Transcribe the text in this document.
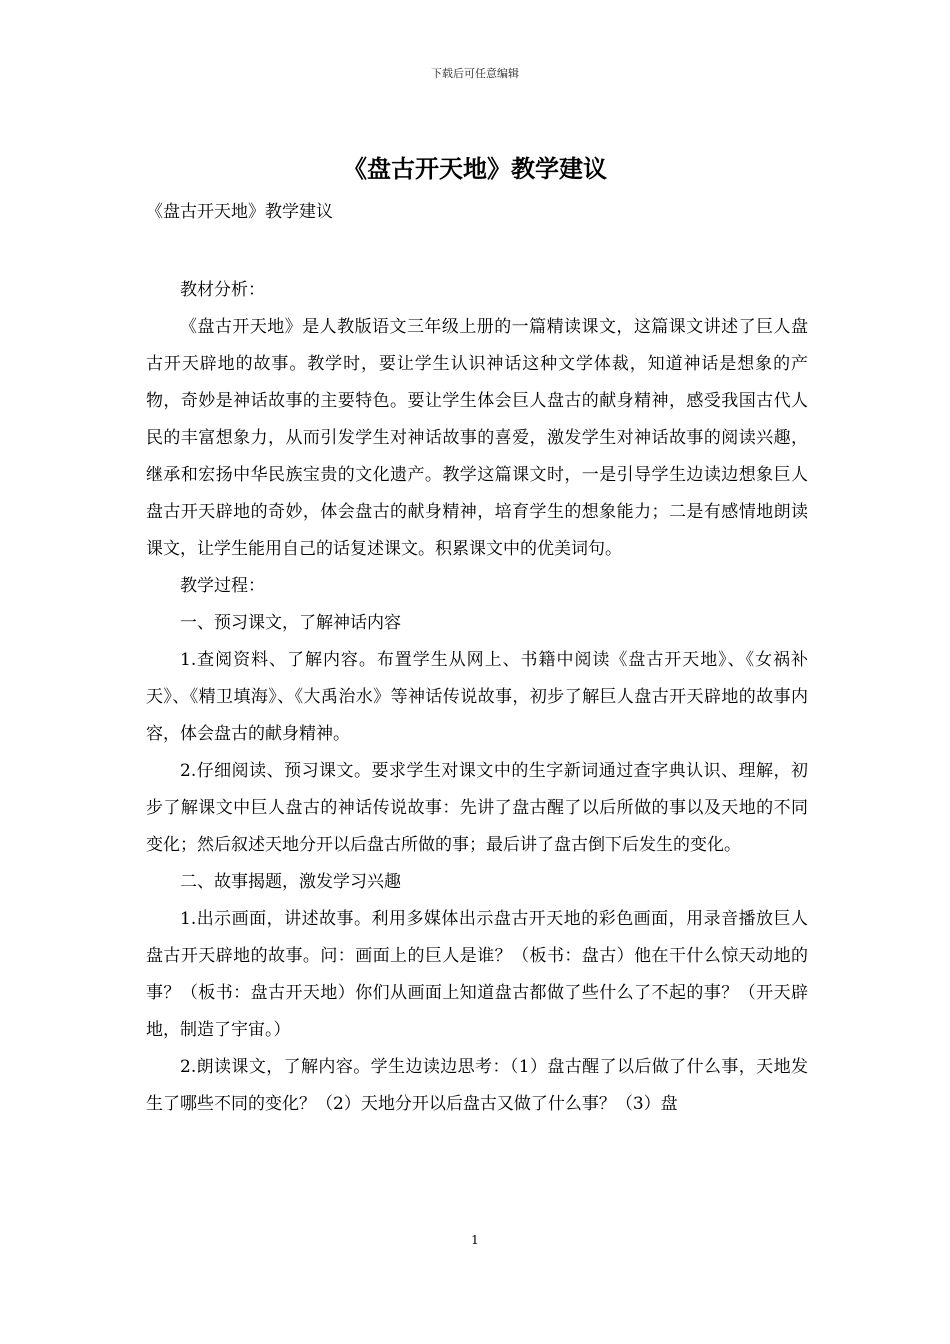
下载后可任意编辑
《盘古开天地》教学建议
《盘古开天地》教学建议

教材分析：

《盘古开天地》是人教版语文三年级上册的一篇精读课文，这篇课文讲述了巨人盘古开天辟地的故事。教学时，要让学生认识神话这种文学体裁，知道神话是想象的产物，奇妙是神话故事的主要特色。要让学生体会巨人盘古的献身精神，感受我国古代人民的丰富想象力，从而引发学生对神话故事的喜爱，激发学生对神话故事的阅读兴趣，继承和宏扬中华民族宝贵的文化遗产。教学这篇课文时，一是引导学生边读边想象巨人盘古开天辟地的奇妙，体会盘古的献身精神，培育学生的想象能力；二是有感情地朗读课文，让学生能用自己的话复述课文。积累课文中的优美词句。

教学过程：

一、预习课文，了解神话内容

1.查阅资料、了解内容。布置学生从网上、书籍中阅读《盘古开天地》、《女祸补天》、《精卫填海》、《大禹治水》等神话传说故事，初步了解巨人盘古开天辟地的故事内容，体会盘古的献身精神。

2.仔细阅读、预习课文。要求学生对课文中的生字新词通过查字典认识、理解，初步了解课文中巨人盘古的神话传说故事：先讲了盘古醒了以后所做的事以及天地的不同变化；然后叙述天地分开以后盘古所做的事；最后讲了盘古倒下后发生的变化。

二、故事揭题，激发学习兴趣

1.出示画面，讲述故事。利用多媒体出示盘古开天地的彩色画面，用录音播放巨人盘古开天辟地的故事。问：画面上的巨人是谁？（板书：盘古）他在干什么惊天动地的事？（板书：盘古开天地）你们从画面上知道盘古都做了些什么了不起的事？（开天辟地，制造了宇宙。）

2.朗读课文，了解内容。学生边读边思考：（1）盘古醒了以后做了什么事，天地发生了哪些不同的变化？（2）天地分开以后盘古又做了什么事？（3）盘

1
